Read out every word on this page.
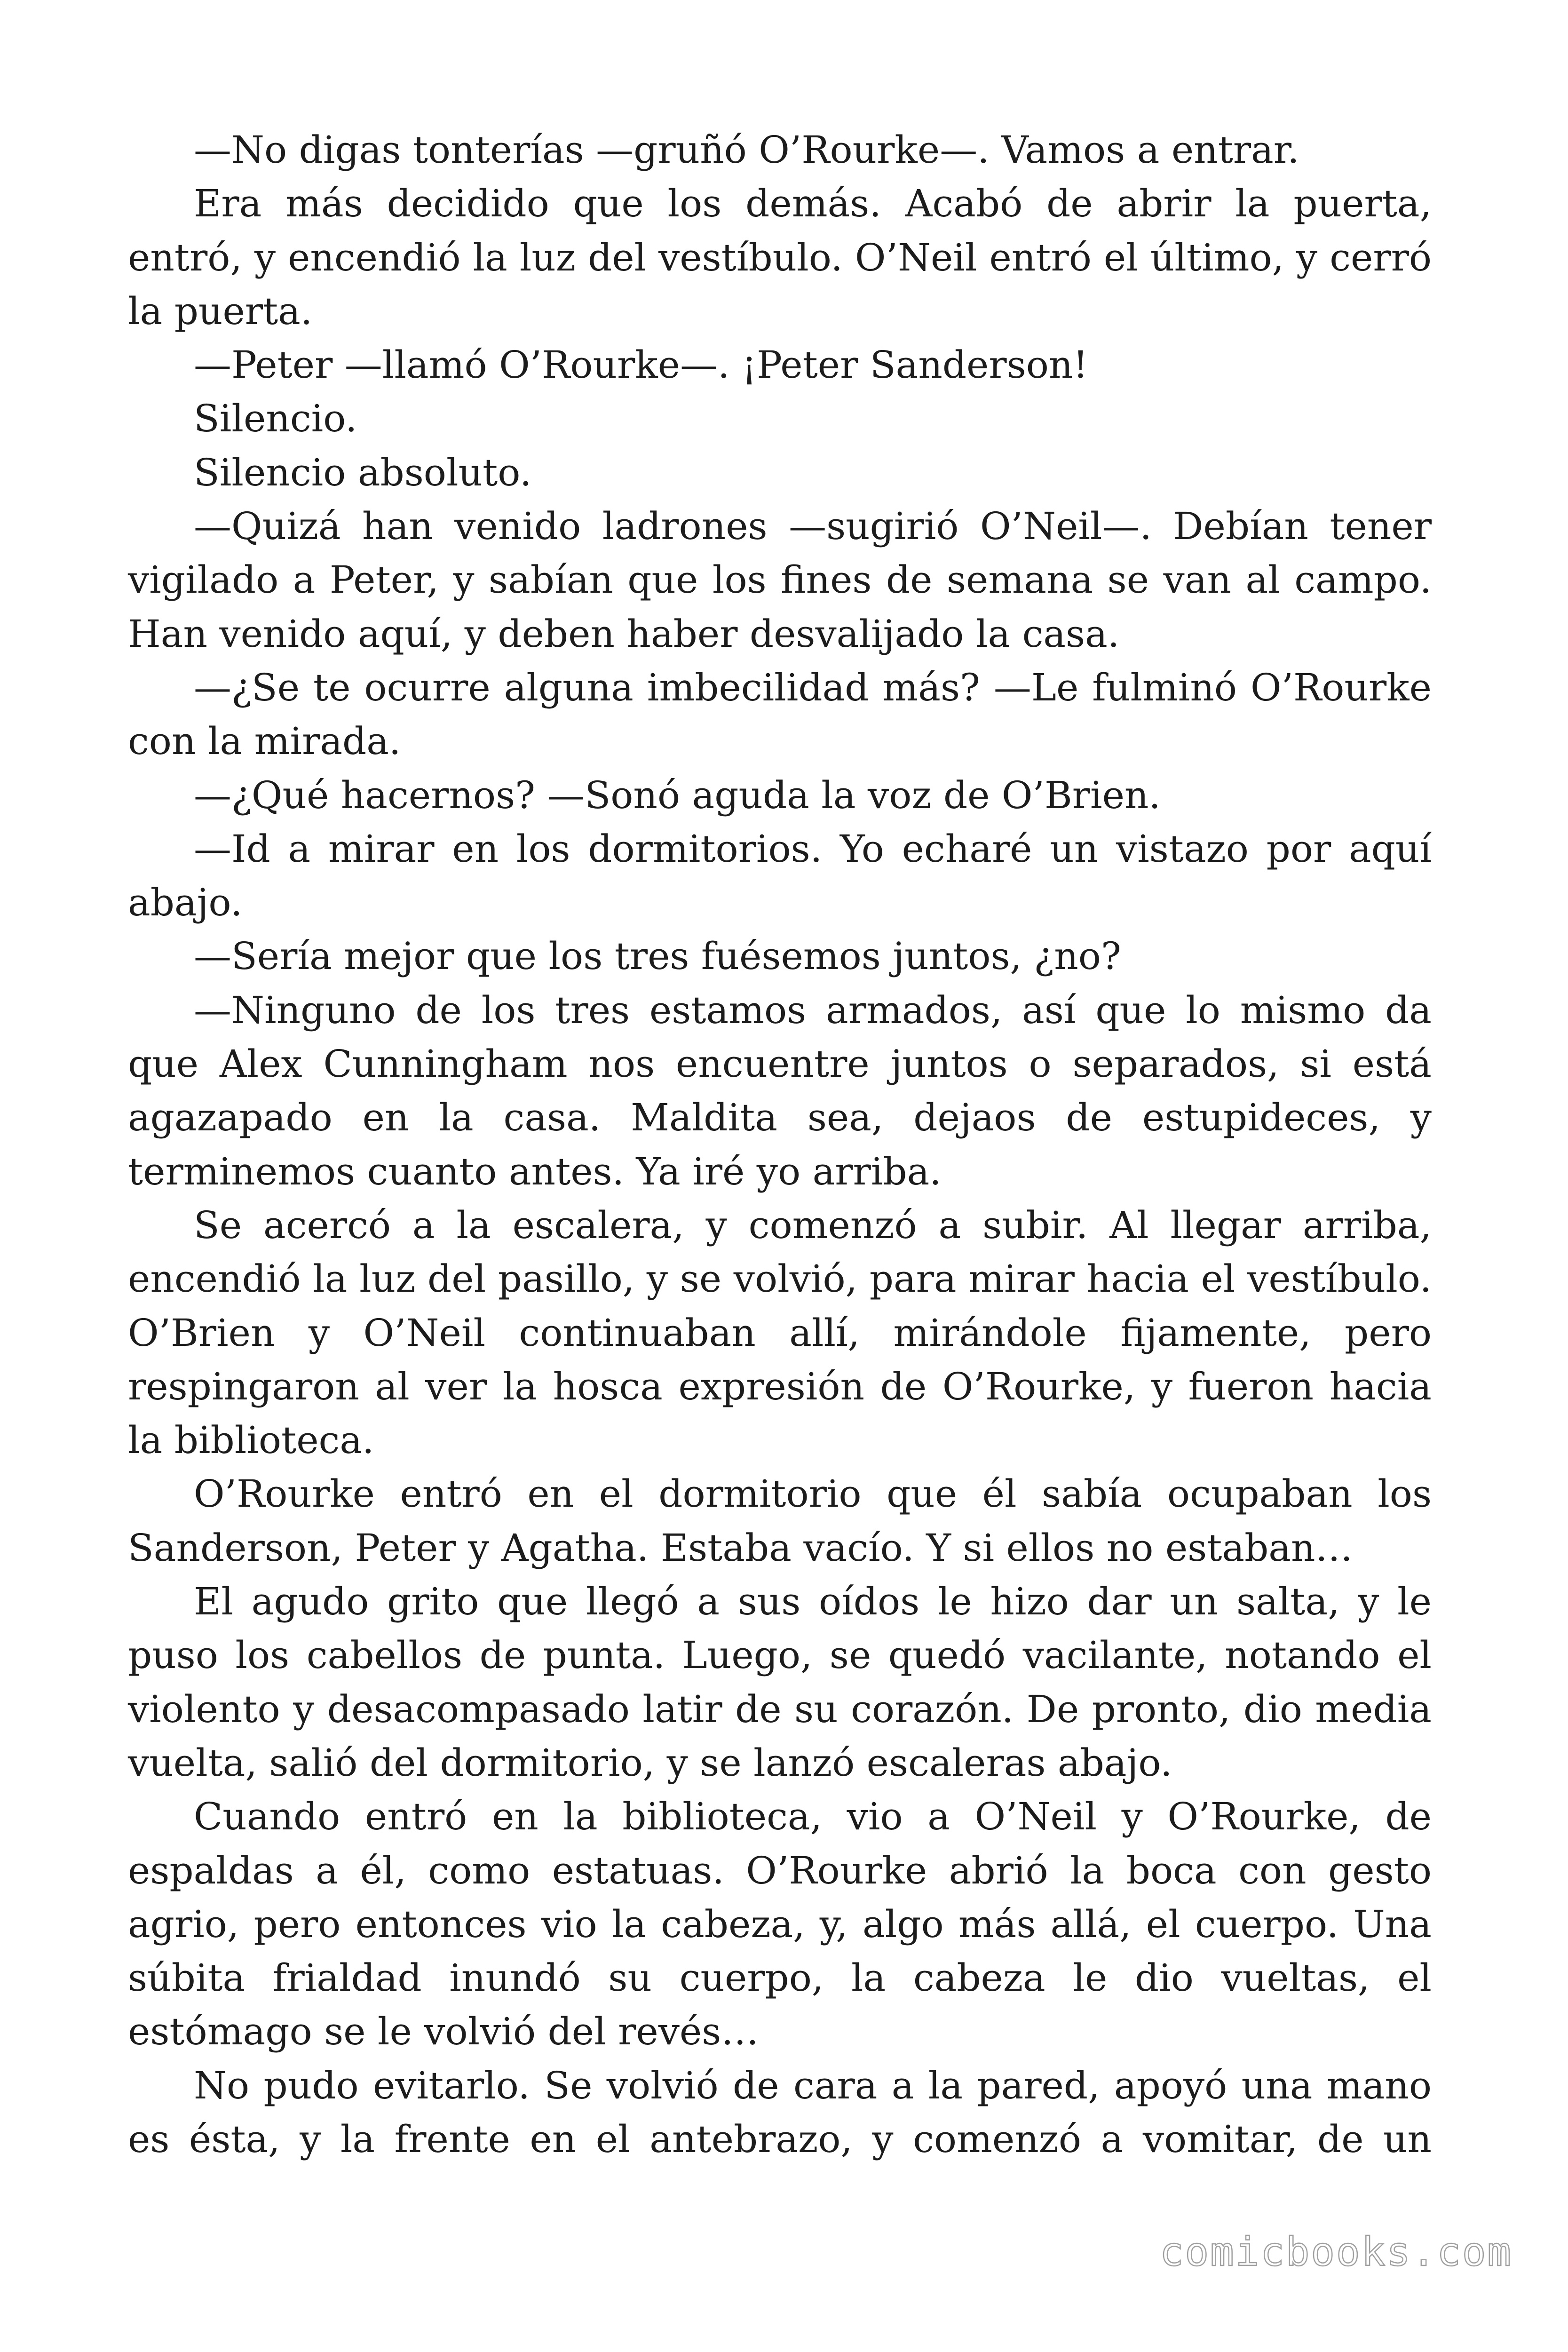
—No digas tonterías —gruñó O’Rourke—. Vamos a entrar.

Era más decidido que los demás. Acabó de abrir la puerta, entró, y encendió la luz del vestíbulo. O’Neil entró el último, y cerró la puerta.

—Peter —llamó O’Rourke—. ¡Peter Sanderson!

Silencio.

Silencio absoluto.

—Quizá han venido ladrones —sugirió O’Neil—. Debían tener vigilado a Peter, y sabían que los fines de semana se van al campo. Han venido aquí, y deben haber desvalijado la casa.

—¿Se te ocurre alguna imbecilidad más? —Le fulminó O’Rourke con la mirada.

—¿Qué hacernos? —Sonó aguda la voz de O’Brien.

—Id a mirar en los dormitorios. Yo echaré un vistazo por aquí abajo.

—Sería mejor que los tres fuésemos juntos, ¿no?

—Ninguno de los tres estamos armados, así que lo mismo da que Alex Cunningham nos encuentre juntos o separados, si está agazapado en la casa. Maldita sea, dejaos de estupideces, y terminemos cuanto antes. Ya iré yo arriba.

Se acercó a la escalera, y comenzó a subir. Al llegar arriba, encendió la luz del pasillo, y se volvió, para mirar hacia el vestíbulo. O’Brien y O’Neil continuaban allí, mirándole fijamente, pero respingaron al ver la hosca expresión de O’Rourke, y fueron hacia la biblioteca.

O’Rourke entró en el dormitorio que él sabía ocupaban los Sanderson, Peter y Agatha. Estaba vacío. Y si ellos no estaban…

El agudo grito que llegó a sus oídos le hizo dar un salta, y le puso los cabellos de punta. Luego, se quedó vacilante, notando el violento y desacompasado latir de su corazón. De pronto, dio media vuelta, salió del dormitorio, y se lanzó escaleras abajo.

Cuando entró en la biblioteca, vio a O’Neil y O’Rourke, de espaldas a él, como estatuas. O’Rourke abrió la boca con gesto agrio, pero entonces vio la cabeza, y, algo más allá, el cuerpo. Una súbita frialdad inundó su cuerpo, la cabeza le dio vueltas, el estómago se le volvió del revés…

No pudo evitarlo. Se volvió de cara a la pared, apoyó una mano es ésta, y la frente en el antebrazo, y comenzó a vomitar, de un

comicbooks.com
